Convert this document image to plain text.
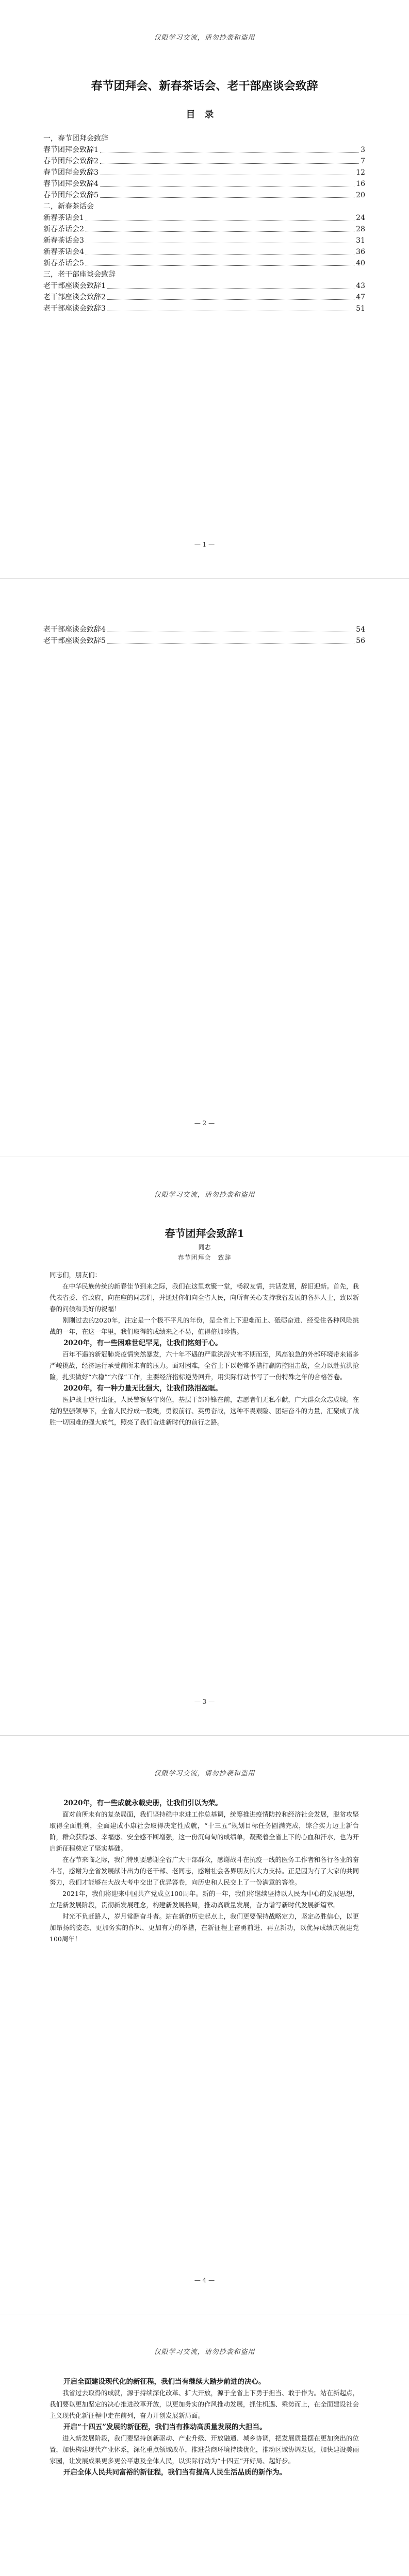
仅限学习交流，请勿抄袭和盗用
春节团拜会、新春茶话会、老干部座谈会致辞
目录
一，春节团拜会致辞
春节团拜会致辞1	3
春节团拜会致辞2	7
春节团拜会致辞3	12
春节团拜会致辞4	16
春节团拜会致辞5	20
二，新春茶话会
新春茶话会1	24
新春茶话会2	28
新春茶话会3	31
新春茶话会4	36
新春茶话会5	40
三，老干部座谈会致辞
老干部座谈会致辞1	43
老干部座谈会致辞2	47
老干部座谈会致辞3	51
— 1 —
老干部座谈会致辞4	54
老干部座谈会致辞5	56
— 2 —
仅限学习交流，请勿抄袭和盗用
春节团拜会致辞1
同志
春节团拜会　致辞

同志们，朋友们：

在中华民族传统的新春佳节到来之际，我们在这里欢聚一堂，畅叙友情，共话发展，辞旧迎新。首先，我代表省委、省政府，向在座的同志们，并通过你们向全省人民，向所有关心支持我省发展的各界人士，致以新春的问候和美好的祝福！

刚刚过去的2020年，注定是一个极不平凡的年份，是全省上下迎难而上、砥砺奋进、经受住各种风险挑战的一年，在这一年里，我们取得的成绩来之不易，值得倍加珍惜。

2020年，有一些困难世纪罕见，让我们铭刻于心。

百年不遇的新冠肺炎疫情突然暴发，六十年不遇的严重洪涝灾害不期而至，风高浪急的外部环境带来诸多严峻挑战，经济运行承受前所未有的压力。面对困难，全省上下以超常举措打赢防控阻击战，全力以赴抗洪抢险，扎实做好“六稳”“六保”工作，主要经济指标逆势回升，用实际行动书写了一份特殊之年的合格答卷。

2020年，有一种力量无比强大，让我们热泪盈眶。

医护战士逆行出征，人民警察坚守岗位，基层干部冲锋在前，志愿者们无私奉献，广大群众众志成城。在党的坚强领导下，全省人民拧成一股绳，勇毅前行、英勇奋战，这种不畏艰险、团结奋斗的力量，汇聚成了战胜一切困难的强大底气，照亮了我们奋进新时代的前行之路。

— 3 —
仅限学习交流，请勿抄袭和盗用

2020年，有一些成就永载史册，让我们引以为荣。

面对前所未有的复杂局面，我们坚持稳中求进工作总基调，统筹推进疫情防控和经济社会发展，脱贫攻坚取得全面胜利，全面建成小康社会取得决定性成就，“十三五”规划目标任务圆满完成，综合实力迈上新台阶，群众获得感、幸福感、安全感不断增强，这一份沉甸甸的成绩单，凝聚着全省上下的心血和汗水，也为开启新征程奠定了坚实基础。

在春节来临之际，我们特别要感谢全省广大干部群众，感谢战斗在抗疫一线的医务工作者和各行各业的奋斗者，感谢为全省发展献计出力的老干部、老同志，感谢社会各界朋友的大力支持。正是因为有了大家的共同努力，我们才能够在大战大考中交出了优异答卷，向历史和人民交上了一份满意的答卷。

2021年，我们将迎来中国共产党成立100周年。新的一年，我们将继续坚持以人民为中心的发展思想，立足新发展阶段，贯彻新发展理念，构建新发展格局，推动高质量发展，奋力谱写新时代发展新篇章。

时光不负赶路人，岁月常酬奋斗者。站在新的历史起点上，我们更要保持战略定力，坚定必胜信心，以更加昂扬的姿态、更加务实的作风、更加有力的举措，在新征程上奋勇前进、再立新功，以优异成绩庆祝建党100周年！

— 4 —
仅限学习交流，请勿抄袭和盗用

开启全面建设现代化的新征程，我们当有继续大踏步前进的决心。

我省过去取得的成就，源于持续深化改革、扩大开放，源于全省上下勇于担当、敢于作为。站在新起点，我们要以更加坚定的决心推进改革开放，以更加务实的作风推动发展，抓住机遇、乘势而上，在全面建设社会主义现代化新征程中走在前列，奋力开创发展新局面。

开启“十四五”发展的新征程，我们当有推动高质量发展的大担当。

进入新发展阶段，我们要坚持创新驱动、产业升级、开放融通、城乡协调，把发展质量摆在更加突出的位置，加快构建现代产业体系，深化重点领域改革，推进营商环境持续优化，推动区域协调发展，加快建设美丽家园，让发展成果更多更公平惠及全体人民，以实际行动为“十四五”开好局、起好步。

开启全体人民共同富裕的新征程，我们当有提高人民生活品质的新作为。
